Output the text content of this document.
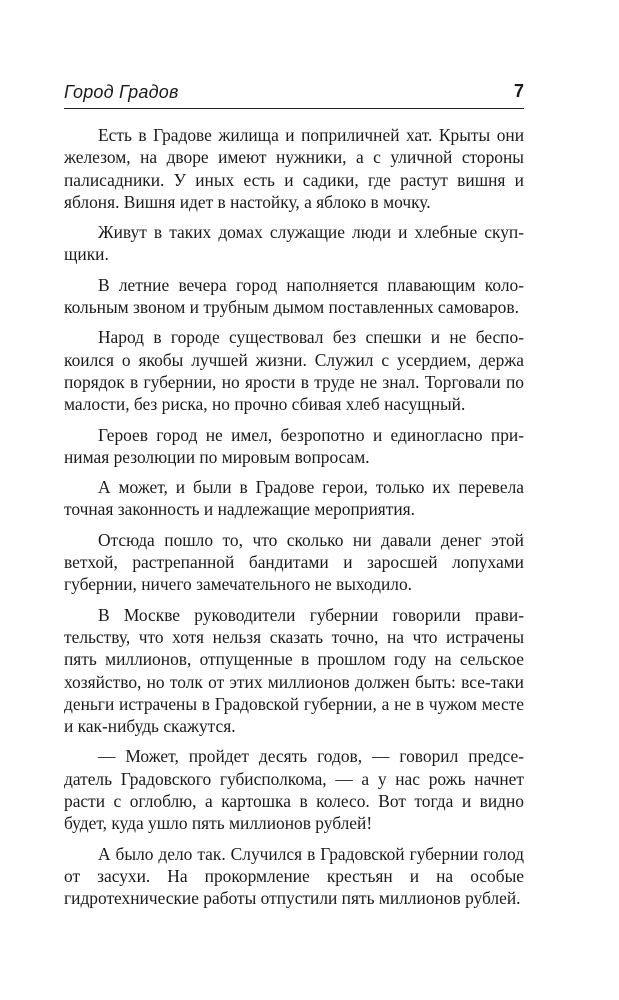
Город Градов	7

Есть в Градове жилища и поприличней хат. Крыты они железом, на дворе имеют нужники, а с уличной стороны палисадники. У иных есть и садики, где растут вишня и яблоня. Вишня идет в настойку, а яблоко в мочку.

Живут в таких домах служащие люди и хлебные скупщики.

В летние вечера город наполняется плавающим колокольным звоном и трубным дымом поставленных самоваров.

Народ в городе существовал без спешки и не беспокоился о якобы лучшей жизни. Служил с усердием, держа порядок в губернии, но ярости в труде не знал. Торговали по малости, без риска, но прочно сбивая хлеб насущный.

Героев город не имел, безропотно и единогласно принимая резолюции по мировым вопросам.

А может, и были в Градове герои, только их перевела точная законность и надлежащие мероприятия.

Отсюда пошло то, что сколько ни давали денег этой ветхой, растрепанной бандитами и заросшей лопухами губернии, ничего замечательного не выходило.

В Москве руководители губернии говорили правительству, что хотя нельзя сказать точно, на что истрачены пять миллионов, отпущенные в прошлом году на сельское хозяйство, но толк от этих миллионов должен быть: все-таки деньги истрачены в Градовской губернии, а не в чужом месте и как-нибудь скажутся.

— Может, пройдет десять годов, — говорил председатель Градовского губисполкома, — а у нас рожь начнет расти с оглоблю, а картошка в колесо. Вот тогда и видно будет, куда ушло пять миллионов рублей!

А было дело так. Случился в Градовской губернии голод от засухи. На прокормление крестьян и на особые гидротехнические работы отпустили пять миллионов рублей.
